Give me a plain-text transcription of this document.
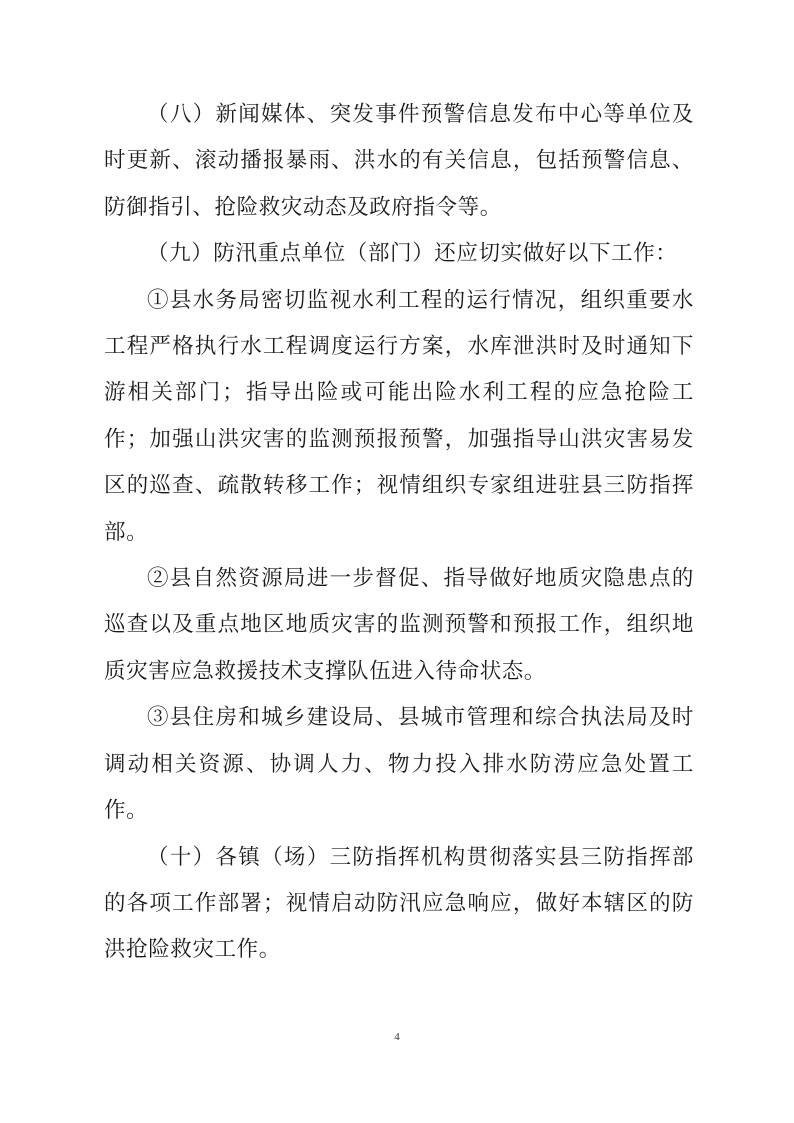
（八）新闻媒体、突发事件预警信息发布中心等单位及时更新、滚动播报暴雨、洪水的有关信息，包括预警信息、防御指引、抢险救灾动态及政府指令等。

（九）防汛重点单位（部门）还应切实做好以下工作：

①县水务局密切监视水利工程的运行情况，组织重要水工程严格执行水工程调度运行方案，水库泄洪时及时通知下游相关部门；指导出险或可能出险水利工程的应急抢险工作；加强山洪灾害的监测预报预警，加强指导山洪灾害易发区的巡查、疏散转移工作；视情组织专家组进驻县三防指挥部。

②县自然资源局进一步督促、指导做好地质灾隐患点的巡查以及重点地区地质灾害的监测预警和预报工作，组织地质灾害应急救援技术支撑队伍进入待命状态。

③县住房和城乡建设局、县城市管理和综合执法局及时调动相关资源、协调人力、物力投入排水防涝应急处置工作。

（十）各镇（场）三防指挥机构贯彻落实县三防指挥部的各项工作部署；视情启动防汛应急响应，做好本辖区的防洪抢险救灾工作。

4
